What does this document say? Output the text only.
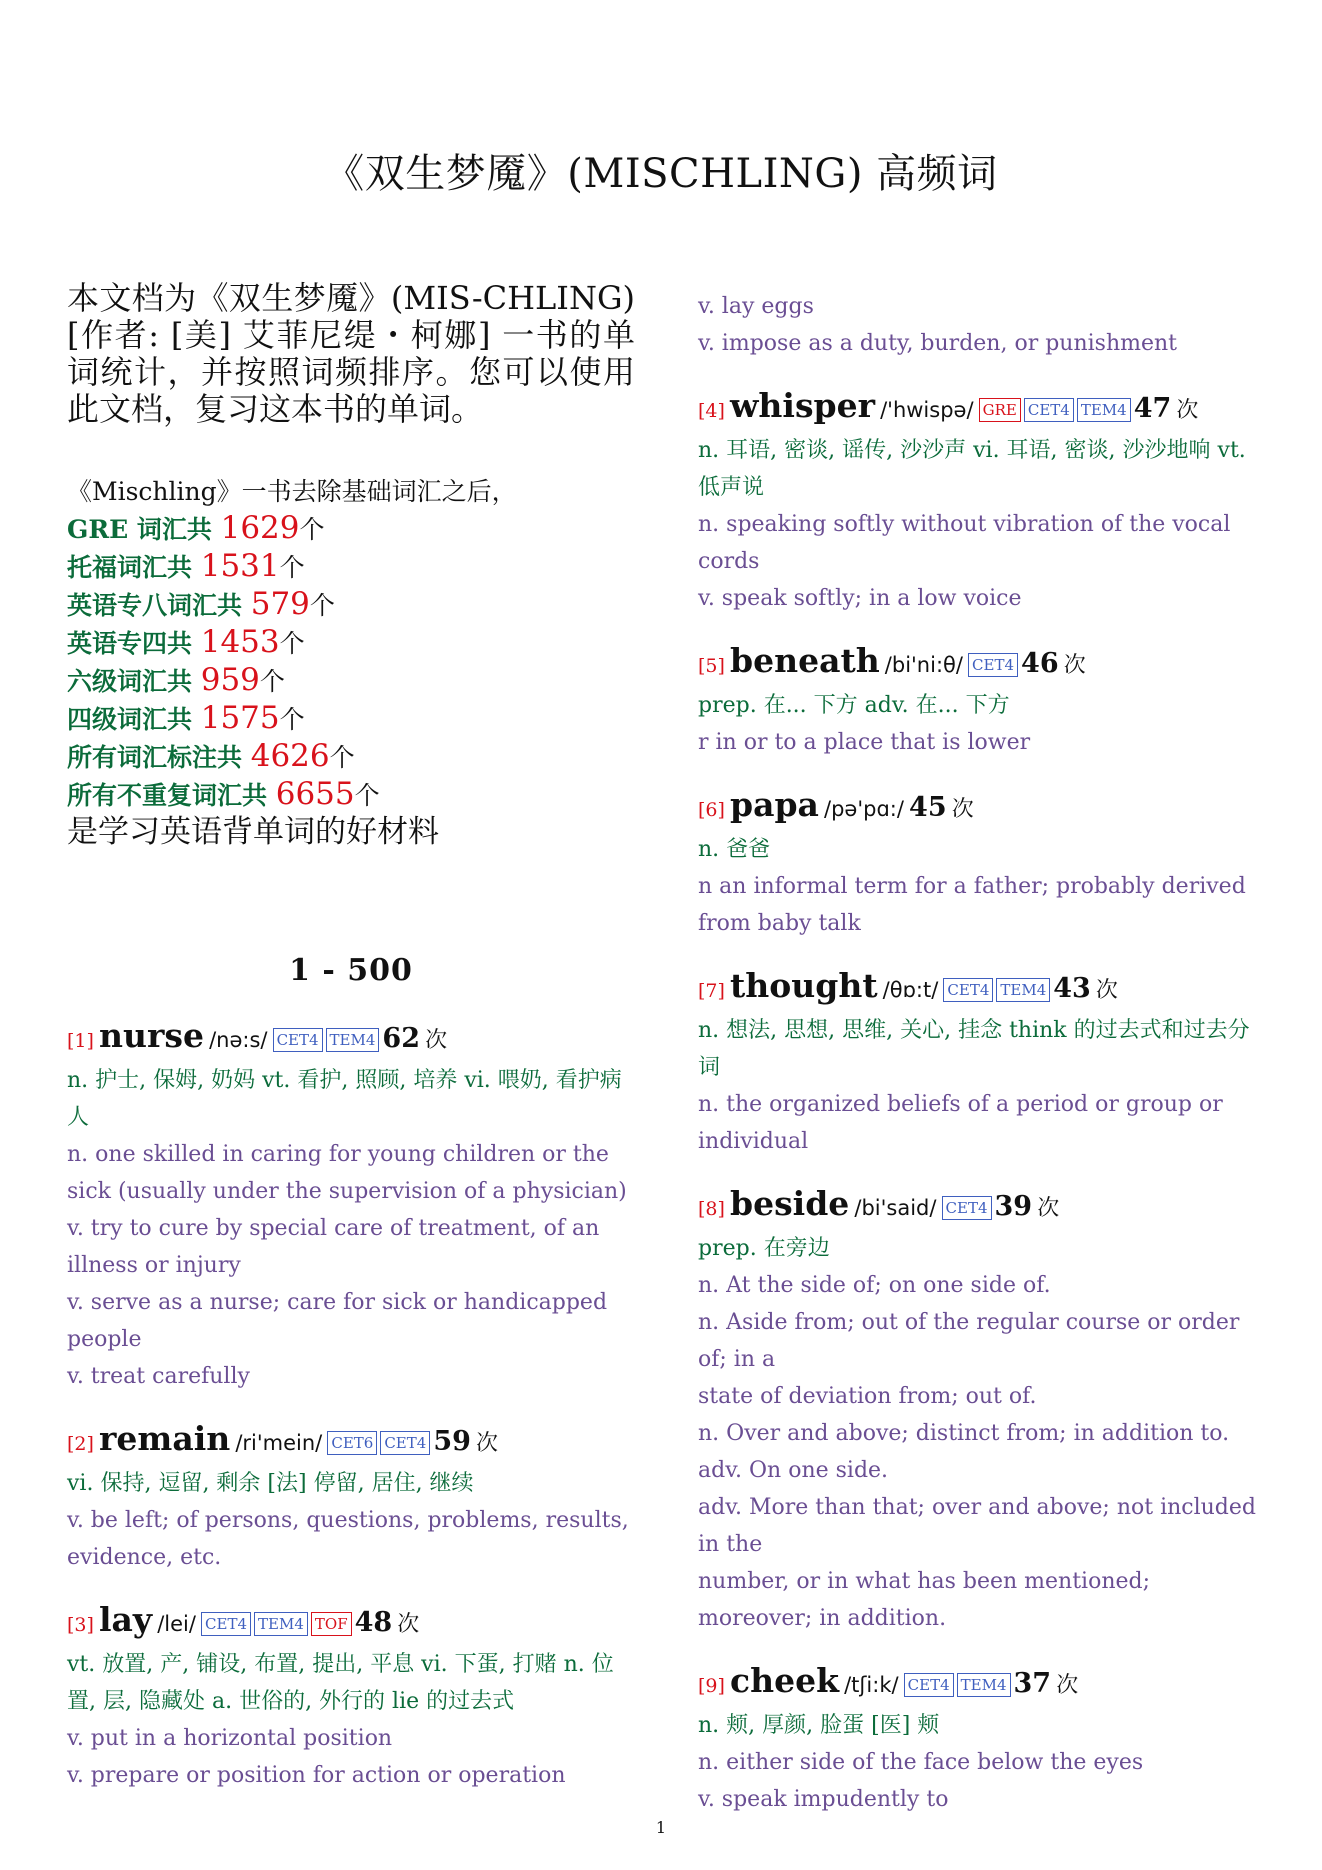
《双生梦魇》(MISCHLING) 高频词

本文档为《双生梦魇》(MIS-CHLING)[作者: [美] 艾菲尼缇・柯娜] 一书的单词统计，并按照词频排序。您可以使用此文档，复习这本书的单词。

《Mischling》一书去除基础词汇之后，
GRE 词汇共 1629个
托福词汇共 1531个
英语专八词汇共 579个
英语专四共 1453个
六级词汇共 959个
四级词汇共 1575个
所有词汇标注共 4626个
所有不重复词汇共 6655个
是学习英语背单词的好材料
1 - 500
[1] nurse /nə:s/ CET4 TEM4 62 次
n. 护士, 保姆, 奶妈 vt. 看护, 照顾, 培养 vi. 喂奶, 看护病人
n. one skilled in caring for young children or the sick (usually under the supervision of a physician)
v. try to cure by special care of treatment, of an illness or injury
v. serve as a nurse; care for sick or handicapped people
v. treat carefully
[2] remain /ri'mein/ CET6 CET4 59 次
vi. 保持, 逗留, 剩余 [法] 停留, 居住, 继续
v. be left; of persons, questions, problems, results, evidence, etc.
[3] lay /lei/ CET4 TEM4 TOF 48 次
vt. 放置, 产, 铺设, 布置, 提出, 平息 vi. 下蛋, 打赌 n. 位置, 层, 隐藏处 a. 世俗的, 外行的 lie 的过去式
v. put in a horizontal position
v. prepare or position for action or operation
v. lay eggs
v. impose as a duty, burden, or punishment
[4] whisper /'hwispə/ GRE CET4 TEM4 47 次
n. 耳语, 密谈, 谣传, 沙沙声 vi. 耳语, 密谈, 沙沙地响 vt. 低声说
n. speaking softly without vibration of the vocal cords
v. speak softly; in a low voice
[5] beneath /bi'ni:θ/ CET4 46 次
prep. 在... 下方 adv. 在... 下方
r in or to a place that is lower
[6] papa /pə'pɑ:/ 45 次
n. 爸爸
n an informal term for a father; probably derived from baby talk
[7] thought /θɒ:t/ CET4 TEM4 43 次
n. 想法, 思想, 思维, 关心, 挂念 think 的过去式和过去分词
n. the organized beliefs of a period or group or individual
[8] beside /bi'said/ CET4 39 次
prep. 在旁边
n. At the side of; on one side of.
n. Aside from; out of the regular course or order of; in a
state of deviation from; out of.
n. Over and above; distinct from; in addition to.
adv. On one side.
adv. More than that; over and above; not included in the
number, or in what has been mentioned; moreover; in addition.
[9] cheek /tʃi:k/ CET4 TEM4 37 次
n. 颊, 厚颜, 脸蛋 [医] 颊
n. either side of the face below the eyes
v. speak impudently to
1
